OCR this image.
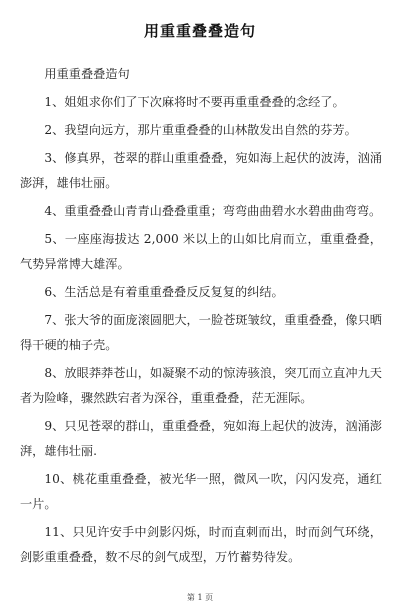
用重重叠叠造句

用重重叠叠造句

1、姐姐求你们了下次麻将时不要再重重叠叠的念经了。

2、我望向远方，那片重重叠叠的山林散发出自然的芬芳。

3、修真界，苍翠的群山重重叠叠，宛如海上起伏的波涛，汹涌澎湃，雄伟壮丽。

4、重重叠叠山青青山叠叠重重；弯弯曲曲碧水水碧曲曲弯弯。

5、一座座海拔达 2,000 米以上的山如比肩而立，重重叠叠，气势异常博大雄浑。

6、生活总是有着重重叠叠反反复复的纠结。

7、张大爷的面庞滚圆肥大，一脸苍斑皱纹，重重叠叠，像只晒得干硬的柚子壳。

8、放眼莽莽苍山，如凝聚不动的惊涛骇浪，突兀而立直冲九天者为险峰，骤然跌宕者为深谷，重重叠叠，茫无涯际。

9、只见苍翠的群山，重重叠叠，宛如海上起伏的波涛，汹涌澎湃，雄伟壮丽.

10、桃花重重叠叠，被光华一照，微风一吹，闪闪发亮，通红一片。

11、只见许安手中剑影闪烁，时而直刺而出，时而剑气环绕，剑影重重叠叠，数不尽的剑气成型，万竹蓄势待发。

第 1 页
